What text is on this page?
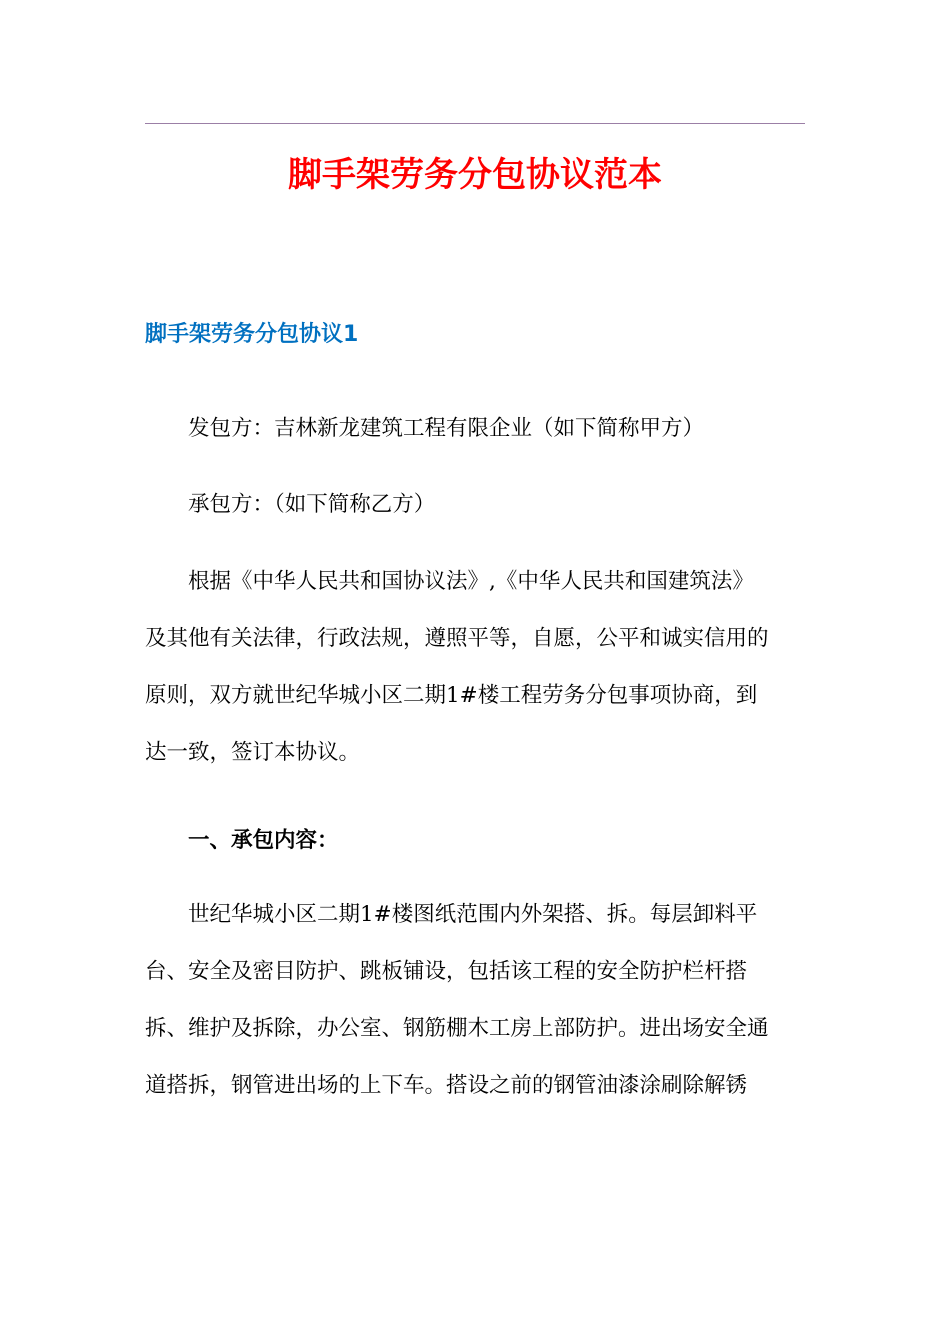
脚手架劳务分包协议范本
脚手架劳务分包协议1

发包方：吉林新龙建筑工程有限企业（如下简称甲方）

承包方：（如下简称乙方）

根据《中华人民共和国协议法》,《中华人民共和国建筑法》
及其他有关法律，行政法规，遵照平等，自愿，公平和诚实信用的
原则，双方就世纪华城小区二期1#楼工程劳务分包事项协商，到
达一致，签订本协议。
一、承包内容：
世纪华城小区二期1#楼图纸范围内外架搭、拆。每层卸料平
台、安全及密目防护、跳板铺设，包括该工程的安全防护栏杆搭
拆、维护及拆除，办公室、钢筋棚木工房上部防护。进出场安全通
道搭拆，钢管进出场的上下车。搭设之前的钢管油漆涂刷除解锈
